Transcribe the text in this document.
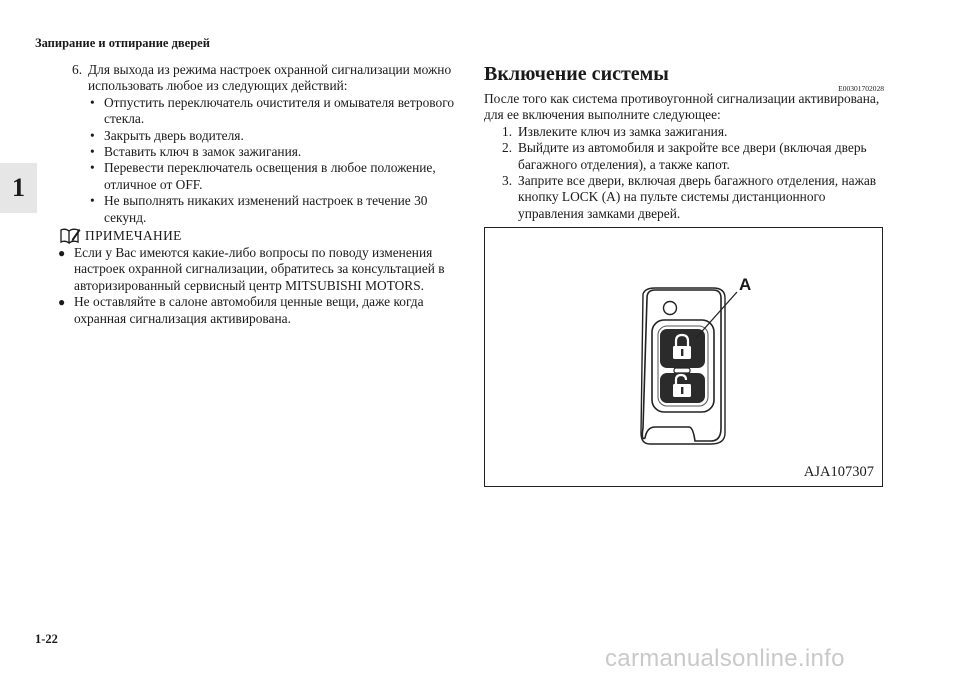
Запирание и отпирание дверей
1
6. Для выхода из режима настроек охранной сигнализации можно использовать любое из следующих действий:
• Отпустить переключатель очистителя и омывателя ветрового стекла.
• Закрыть дверь водителя.
• Вставить ключ в замок зажигания.
• Перевести переключатель освещения в любое положение, отличное от OFF.
• Не выполнять никаких изменений настроек в течение 30 секунд.
ПРИМЕЧАНИЕ
● Если у Вас имеются какие-либо вопросы по поводу изменения настроек охранной сигнализации, обратитесь за консультацией в авторизированный сервисный центр MITSUBISHI MOTORS.
● Не оставляйте в салоне автомобиля ценные вещи, даже когда охранная сигнализация активирована.
Включение системы
E00301702028
После того как система противоугонной сигнализации активирована, для ее включения выполните следующее:
1. Извлеките ключ из замка зажигания.
2. Выйдите из автомобиля и закройте все двери (включая дверь багажного отделения), а также капот.
3. Заприте все двери, включая дверь багажного отделения, нажав кнопку LOCK (A) на пульте системы дистанционного управления замками дверей.
A
AJA107307
1-22
carmanualsonline.info
